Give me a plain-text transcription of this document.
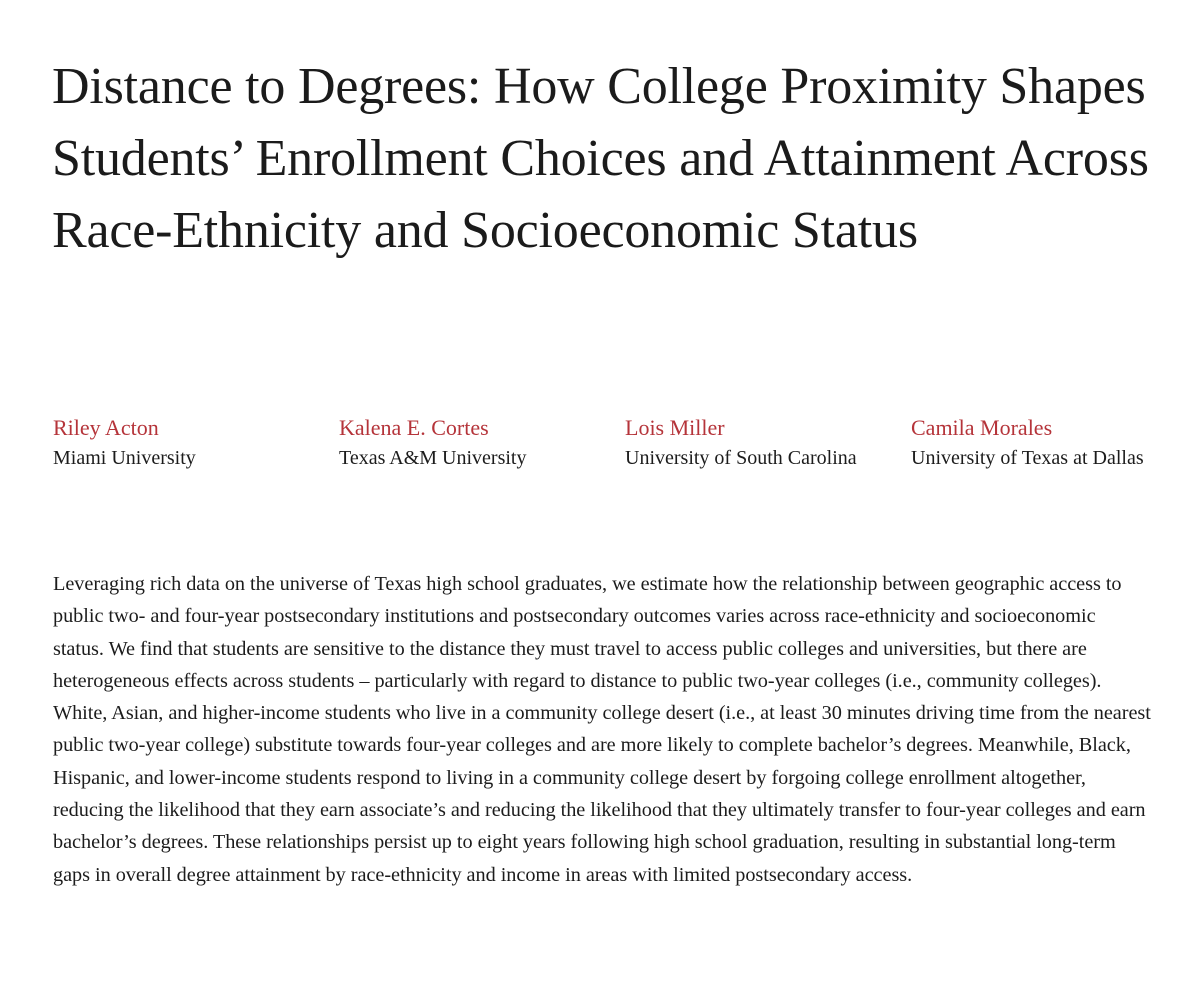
Distance to Degrees: How College Proximity Shapes Students’ Enrollment Choices and Attainment Across Race-Ethnicity and Socioeconomic Status
Riley Acton
Miami University
Kalena E. Cortes
Texas A&M University
Lois Miller
University of South Carolina
Camila Morales
University of Texas at Dallas

Leveraging rich data on the universe of Texas high school graduates, we estimate how the relationship between geographic access to public two- and four-year postsecondary institutions and postsecondary outcomes varies across race-ethnicity and socioeconomic status. We find that students are sensitive to the distance they must travel to access public colleges and universities, but there are heterogeneous effects across students – particularly with regard to distance to public two-year colleges (i.e., community colleges). White, Asian, and higher-income students who live in a community college desert (i.e., at least 30 minutes driving time from the nearest public two-year college) substitute towards four-year colleges and are more likely to complete bachelor’s degrees. Meanwhile, Black, Hispanic, and lower-income students respond to living in a community college desert by forgoing college enrollment altogether, reducing the likelihood that they earn associate’s and reducing the likelihood that they ultimately transfer to four-year colleges and earn bachelor’s degrees. These relationships persist up to eight years following high school graduation, resulting in substantial long-term gaps in overall degree attainment by race-ethnicity and income in areas with limited postsecondary access.
